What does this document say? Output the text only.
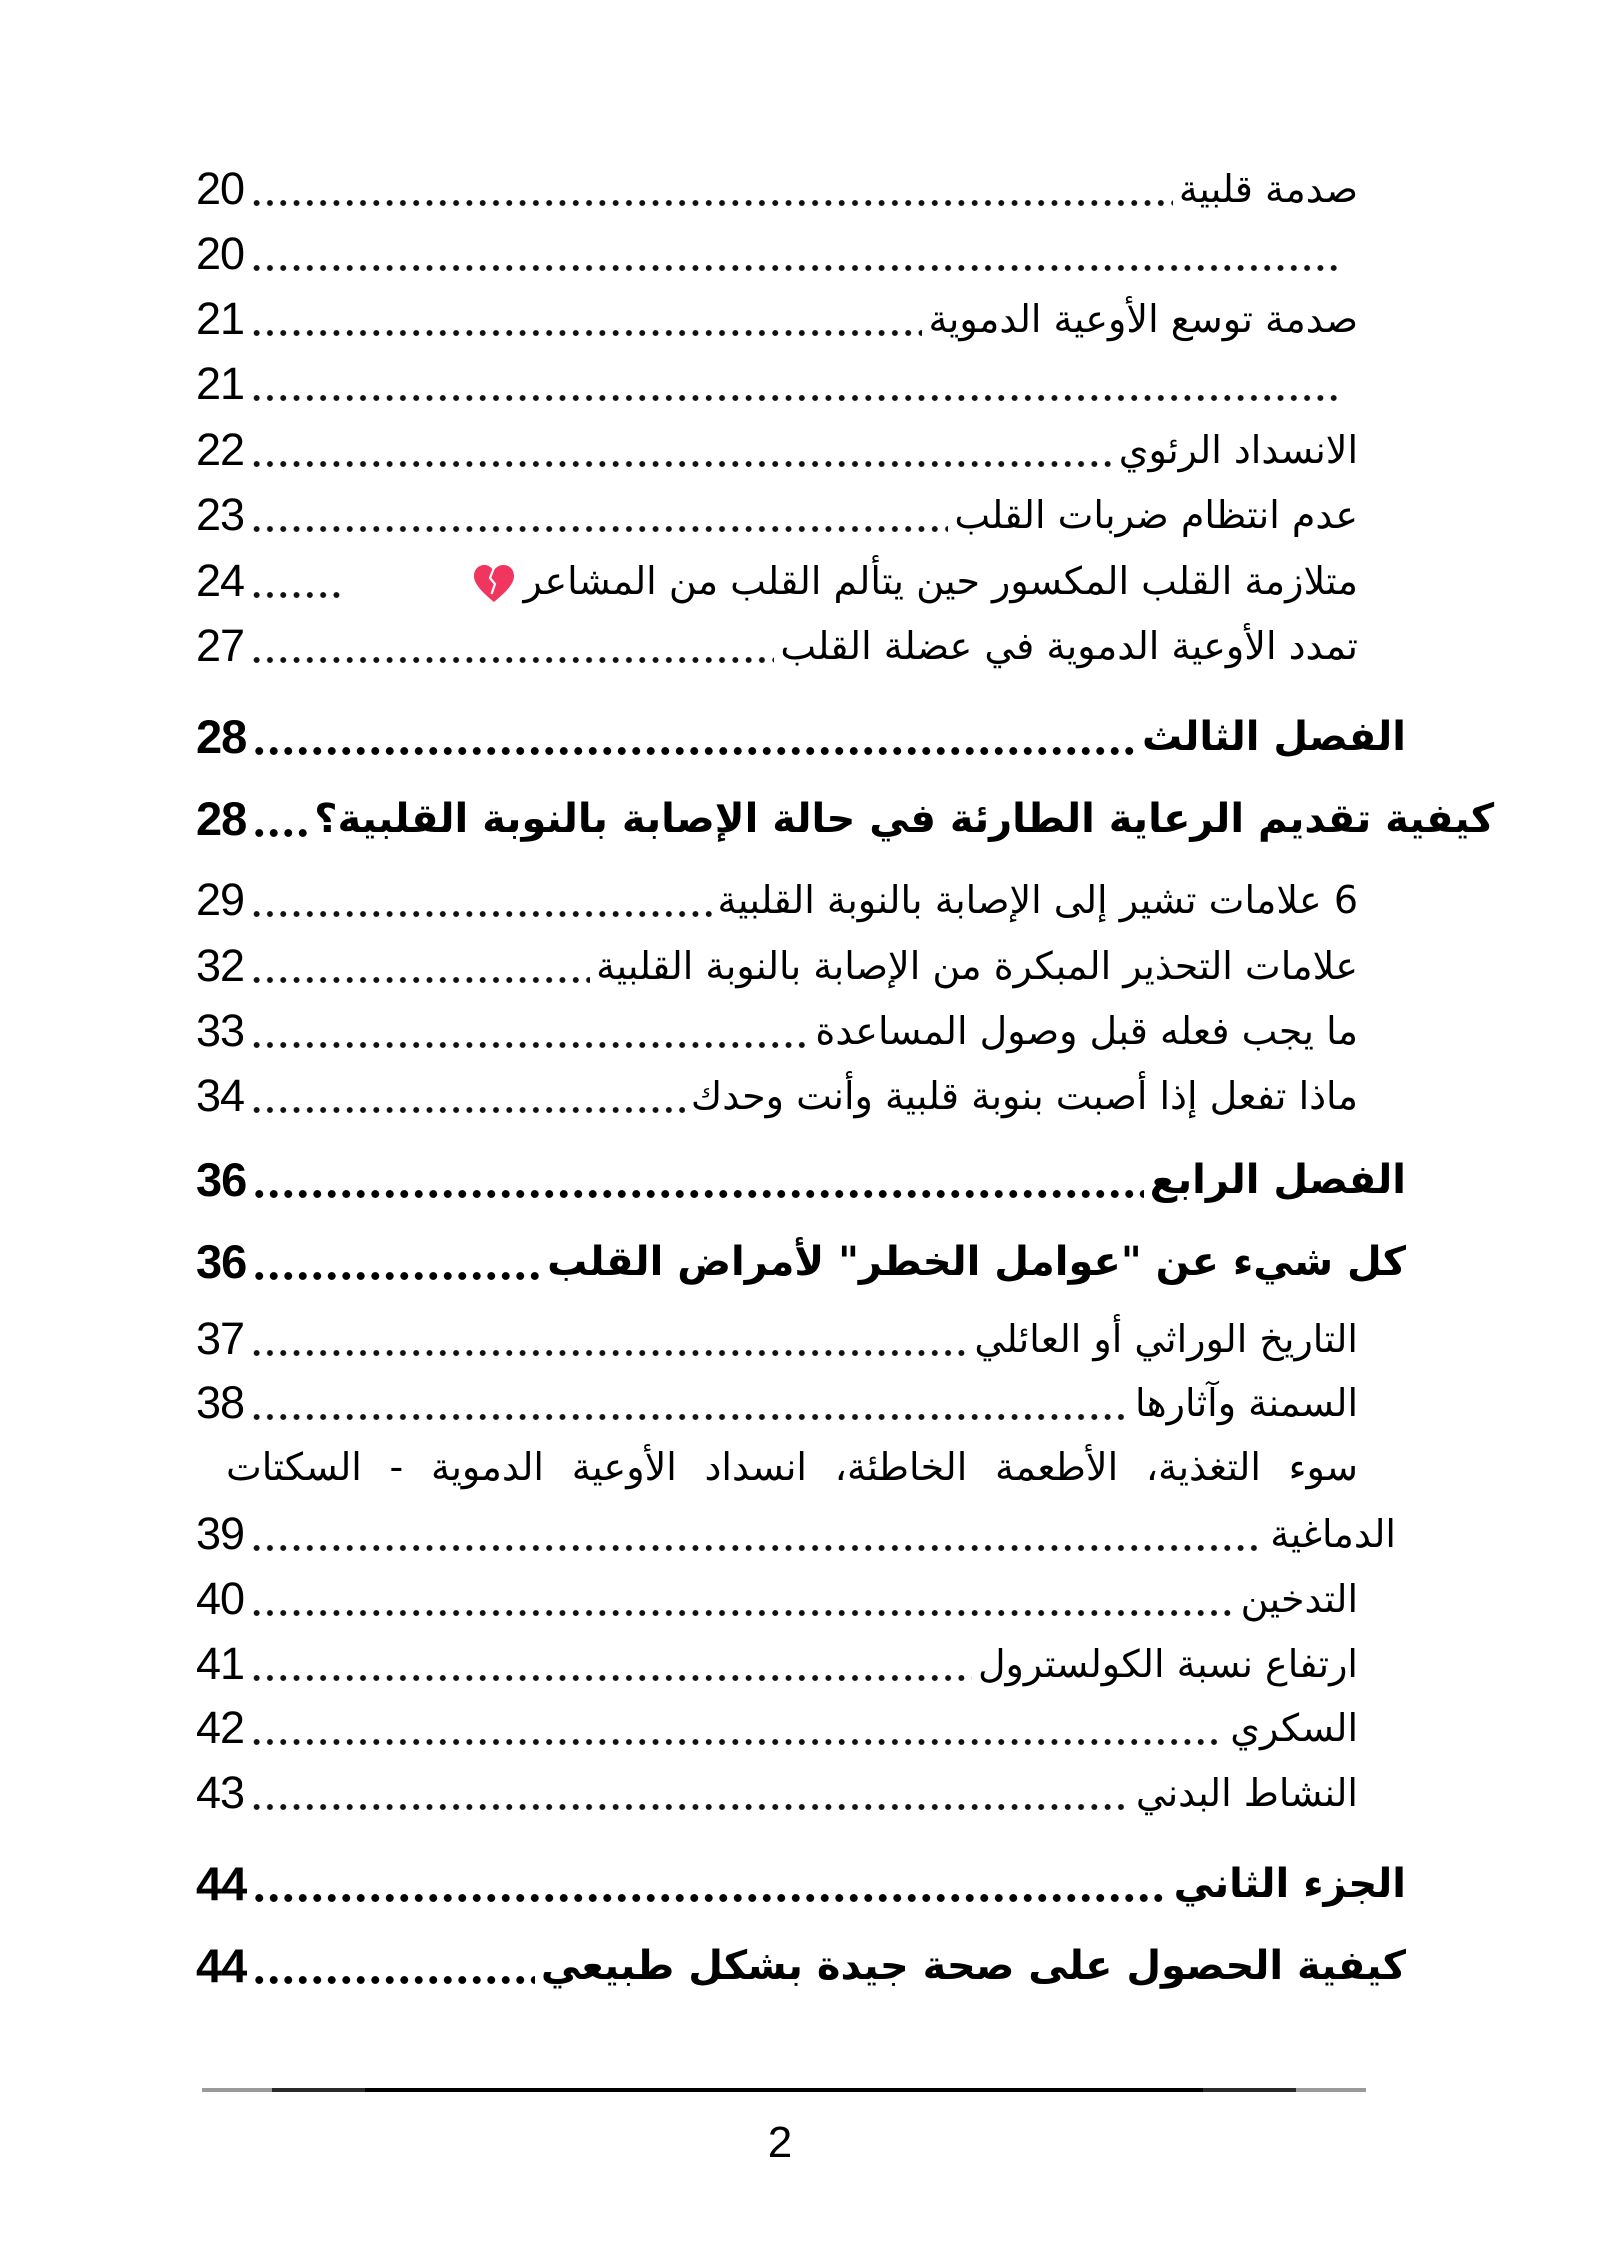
20	صدمة قلبية
20
21	صدمة توسع الأوعية الدموية
21
22	الانسداد الرئوي
23	عدم انتظام ضربات القلب
24	متلازمة القلب المكسور حين يتألم القلب من المشاعر
27	تمدد الأوعية الدموية في عضلة القلب
28	الفصل الثالث
28 كيفية تقديم الرعاية الطارئة في حالة الإصابة بالنوبة القلبية؟
29	6 علامات تشير إلى الإصابة بالنوبة القلبية
32	علامات التحذير المبكرة من الإصابة بالنوبة القلبية
33	ما يجب فعله قبل وصول المساعدة
34	ماذا تفعل إذا أصبت بنوبة قلبية وأنت وحدك
36	الفصل الرابع
36	كل شيء عن "عوامل الخطر" لأمراض القلب
37	التاريخ الوراثي أو العائلي
38	السمنة وآثارها
سوء التغذية، الأطعمة الخاطئة، انسداد الأوعية الدموية - السكتات
39	الدماغية
40	التدخين
41	ارتفاع نسبة الكولسترول
42	السكري
43	النشاط البدني
44	الجزء الثاني
44	كيفية الحصول على صحة جيدة بشكل طبيعي
2
